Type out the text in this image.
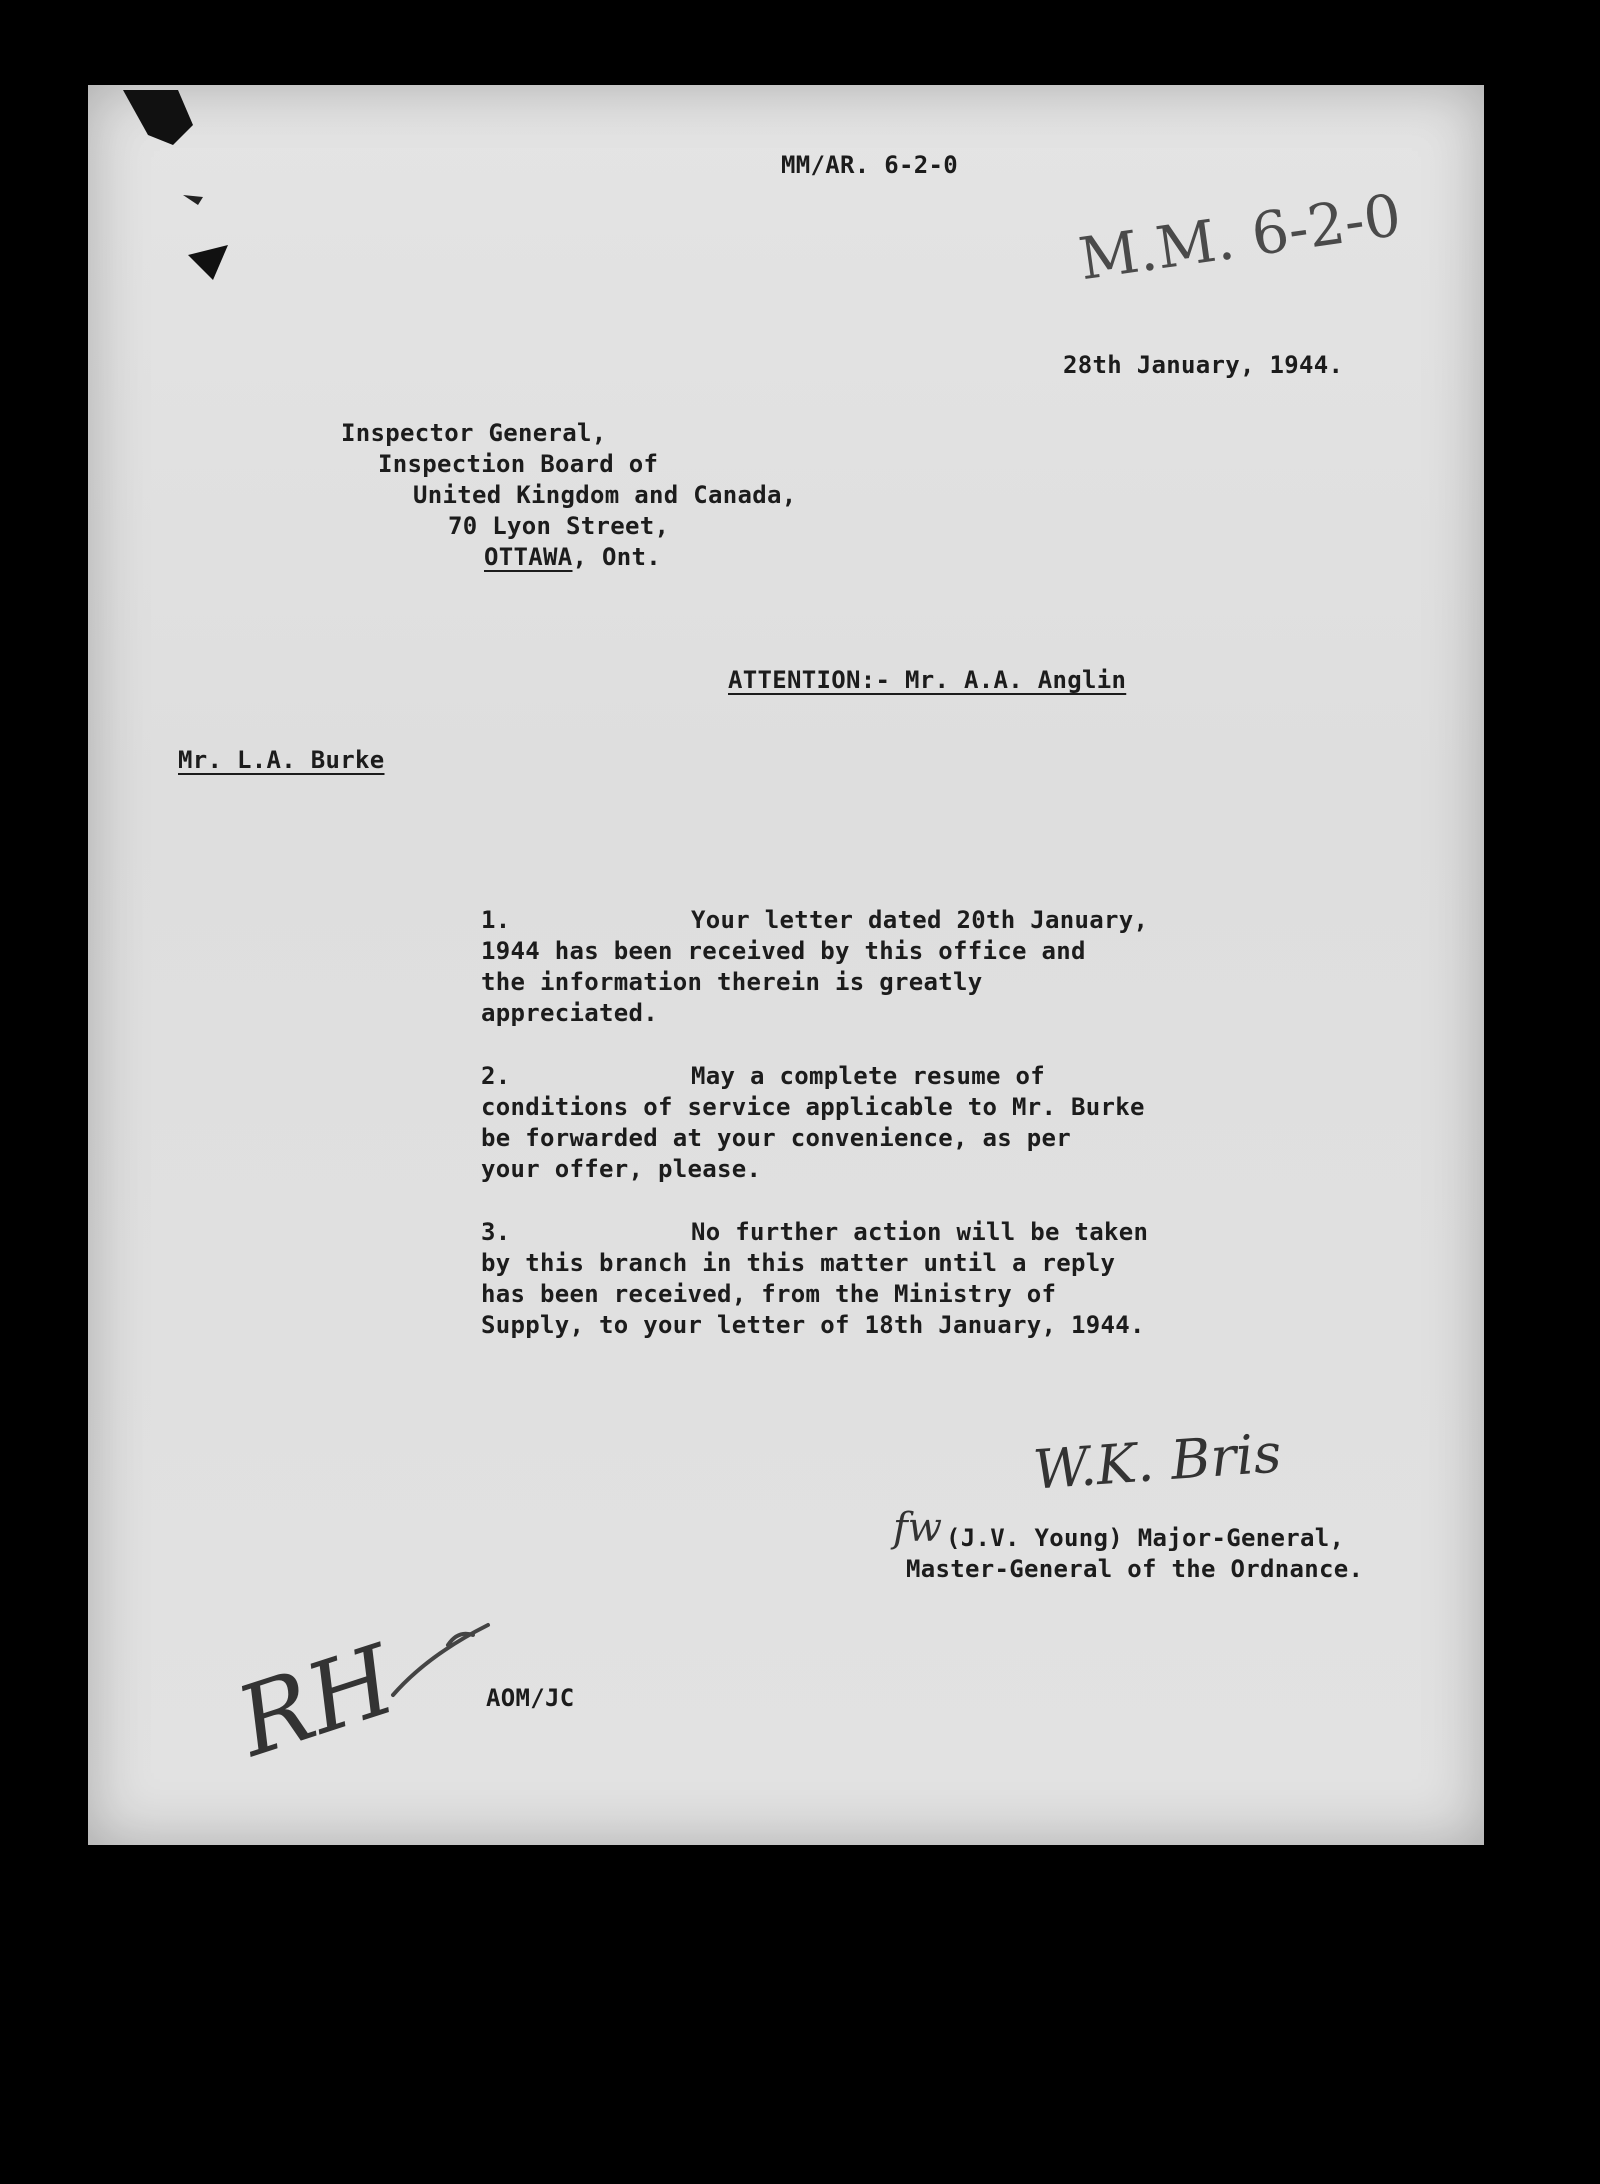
MM/AR. 6-2-0
M.M. 6-2-0
28th January, 1944.
Inspector General,
Inspection Board of
United Kingdom and Canada,
70 Lyon Street,
OTTAWA, Ont.
ATTENTION:- Mr. A.A. Anglin
Mr. L.A. Burke
1.	Your letter dated 20th January,
1944 has been received by this office and
the information therein is greatly
appreciated.
2.	May a complete resume of
conditions of service applicable to Mr. Burke
be forwarded at your convenience, as per
your offer, please.
3.	No further action will be taken
by this branch in this matter until a reply
has been received, from the Ministry of
Supply, to your letter of 18th January, 1944.
W.K. Bris
fw (J.V. Young) Major-General,
Master-General of the Ordnance.
AOM/JC
RH
